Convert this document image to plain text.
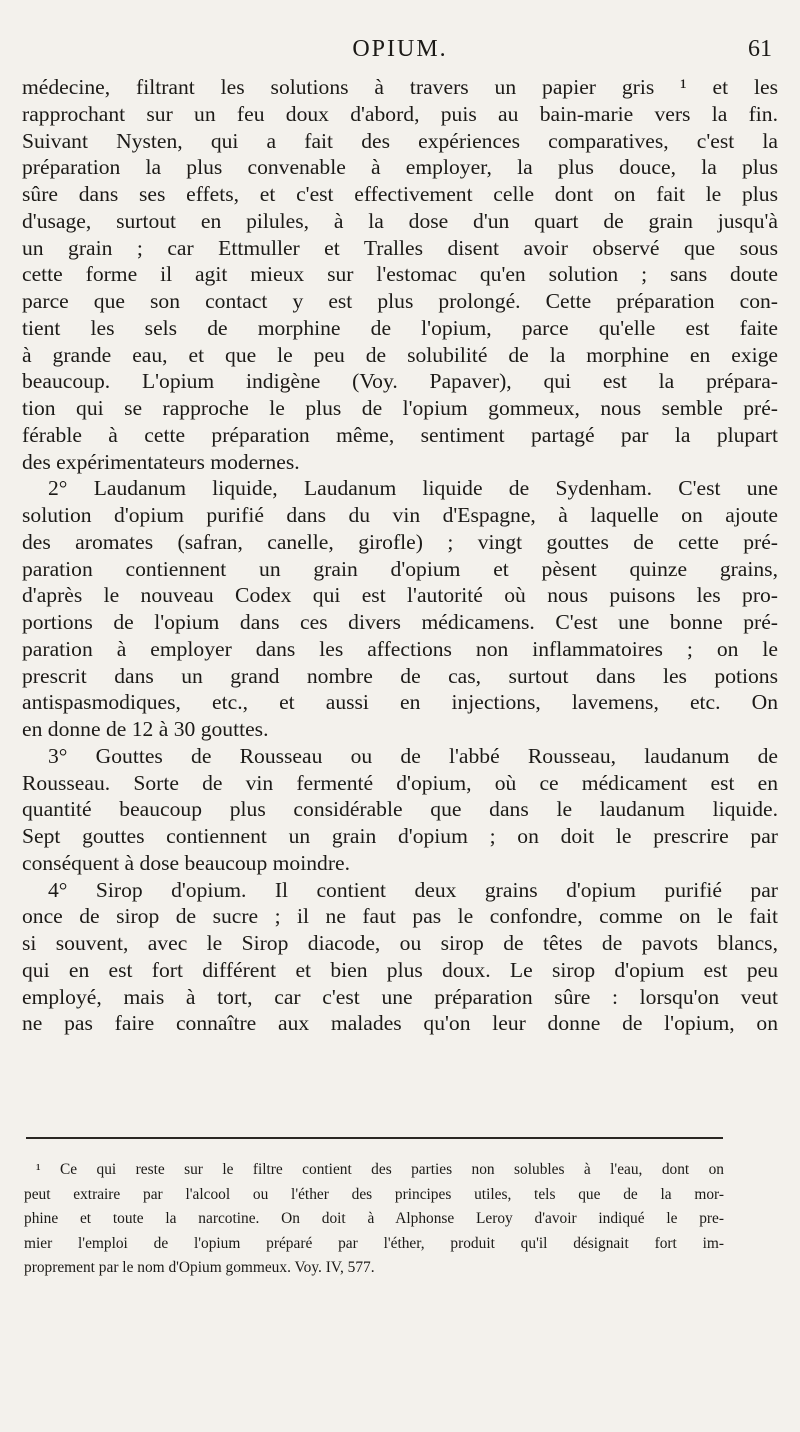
OPIUM.	61
médecine, filtrant les solutions à travers un papier gris ¹ et les
rapprochant sur un feu doux d'abord, puis au bain-marie vers la fin.
Suivant Nysten, qui a fait des expériences comparatives, c'est la
préparation la plus convenable à employer, la plus douce, la plus
sûre dans ses effets, et c'est effectivement celle dont on fait le plus
d'usage, surtout en pilules, à la dose d'un quart de grain jusqu'à
un grain ; car Ettmuller et Tralles disent avoir observé que sous
cette forme il agit mieux sur l'estomac qu'en solution ; sans doute
parce que son contact y est plus prolongé. Cette préparation con-
tient les sels de morphine de l'opium, parce qu'elle est faite
à grande eau, et que le peu de solubilité de la morphine en exige
beaucoup. L'opium indigène (Voy. Papaver), qui est la prépara-
tion qui se rapproche le plus de l'opium gommeux, nous semble pré-
férable à cette préparation même, sentiment partagé par la plupart
des expérimentateurs modernes.
2° Laudanum liquide, Laudanum liquide de Sydenham. C'est une
solution d'opium purifié dans du vin d'Espagne, à laquelle on ajoute
des aromates (safran, canelle, girofle) ; vingt gouttes de cette pré-
paration contiennent un grain d'opium et pèsent quinze grains,
d'après le nouveau Codex qui est l'autorité où nous puisons les pro-
portions de l'opium dans ces divers médicamens. C'est une bonne pré-
paration à employer dans les affections non inflammatoires ; on le
prescrit dans un grand nombre de cas, surtout dans les potions
antispasmodiques, etc., et aussi en injections, lavemens, etc. On
en donne de 12 à 30 gouttes.
3° Gouttes de Rousseau ou de l'abbé Rousseau, laudanum de
Rousseau. Sorte de vin fermenté d'opium, où ce médicament est en
quantité beaucoup plus considérable que dans le laudanum liquide.
Sept gouttes contiennent un grain d'opium ; on doit le prescrire par
conséquent à dose beaucoup moindre.
4° Sirop d'opium. Il contient deux grains d'opium purifié par
once de sirop de sucre ; il ne faut pas le confondre, comme on le fait
si souvent, avec le Sirop diacode, ou sirop de têtes de pavots blancs,
qui en est fort différent et bien plus doux. Le sirop d'opium est peu
employé, mais à tort, car c'est une préparation sûre : lorsqu'on veut
ne pas faire connaître aux malades qu'on leur donne de l'opium, on
¹ Ce qui reste sur le filtre contient des parties non solubles à l'eau, dont on
peut extraire par l'alcool ou l'éther des principes utiles, tels que de la mor-
phine et toute la narcotine. On doit à Alphonse Leroy d'avoir indiqué le pre-
mier l'emploi de l'opium préparé par l'éther, produit qu'il désignait fort im-
proprement par le nom d'Opium gommeux. Voy. IV, 577.
